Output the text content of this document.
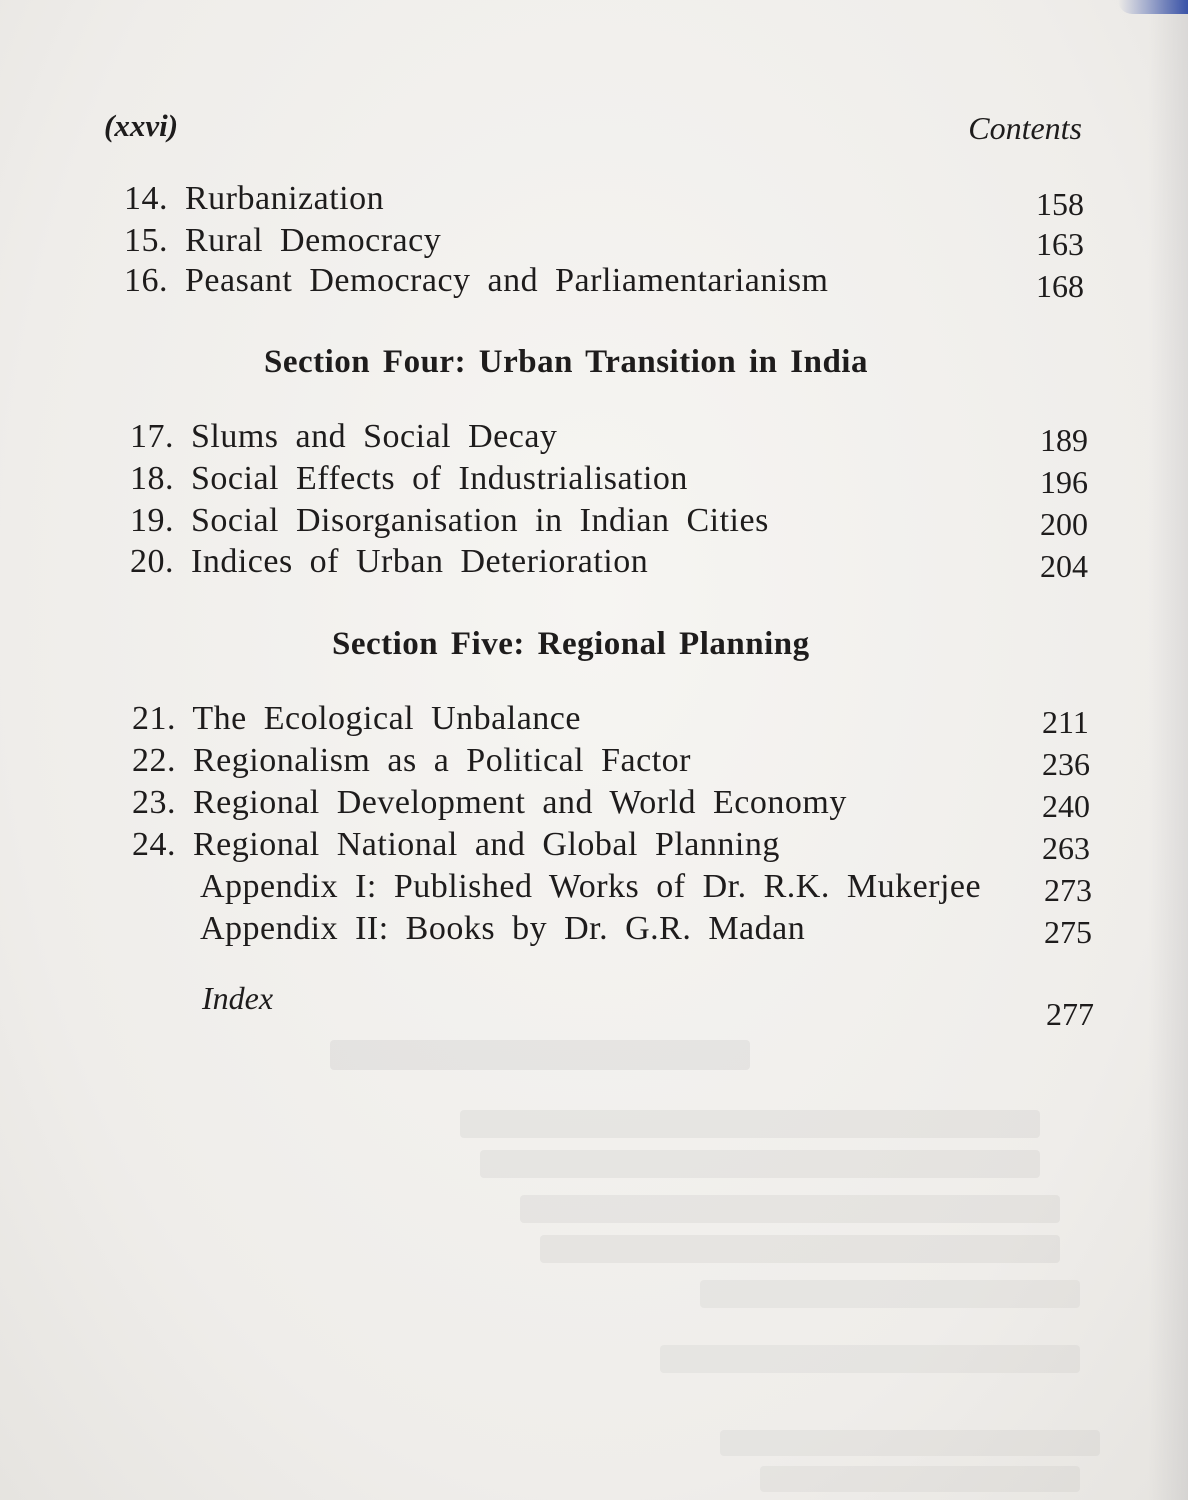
(xxvi)	Contents
14. Rurbanization	158
15. Rural Democracy	163
16. Peasant Democracy and Parliamentarianism	168
Section Four: Urban Transition in India
17. Slums and Social Decay	189
18. Social Effects of Industrialisation	196
19. Social Disorganisation in Indian Cities	200
20. Indices of Urban Deterioration	204
Section Five: Regional Planning
21. The Ecological Unbalance	211
22. Regionalism as a Political Factor	236
23. Regional Development and World Economy	240
24. Regional National and Global Planning	263
Appendix I: Published Works of Dr. R.K. Mukerjee 273
Appendix II: Books by Dr. G.R. Madan	275
Index	277
